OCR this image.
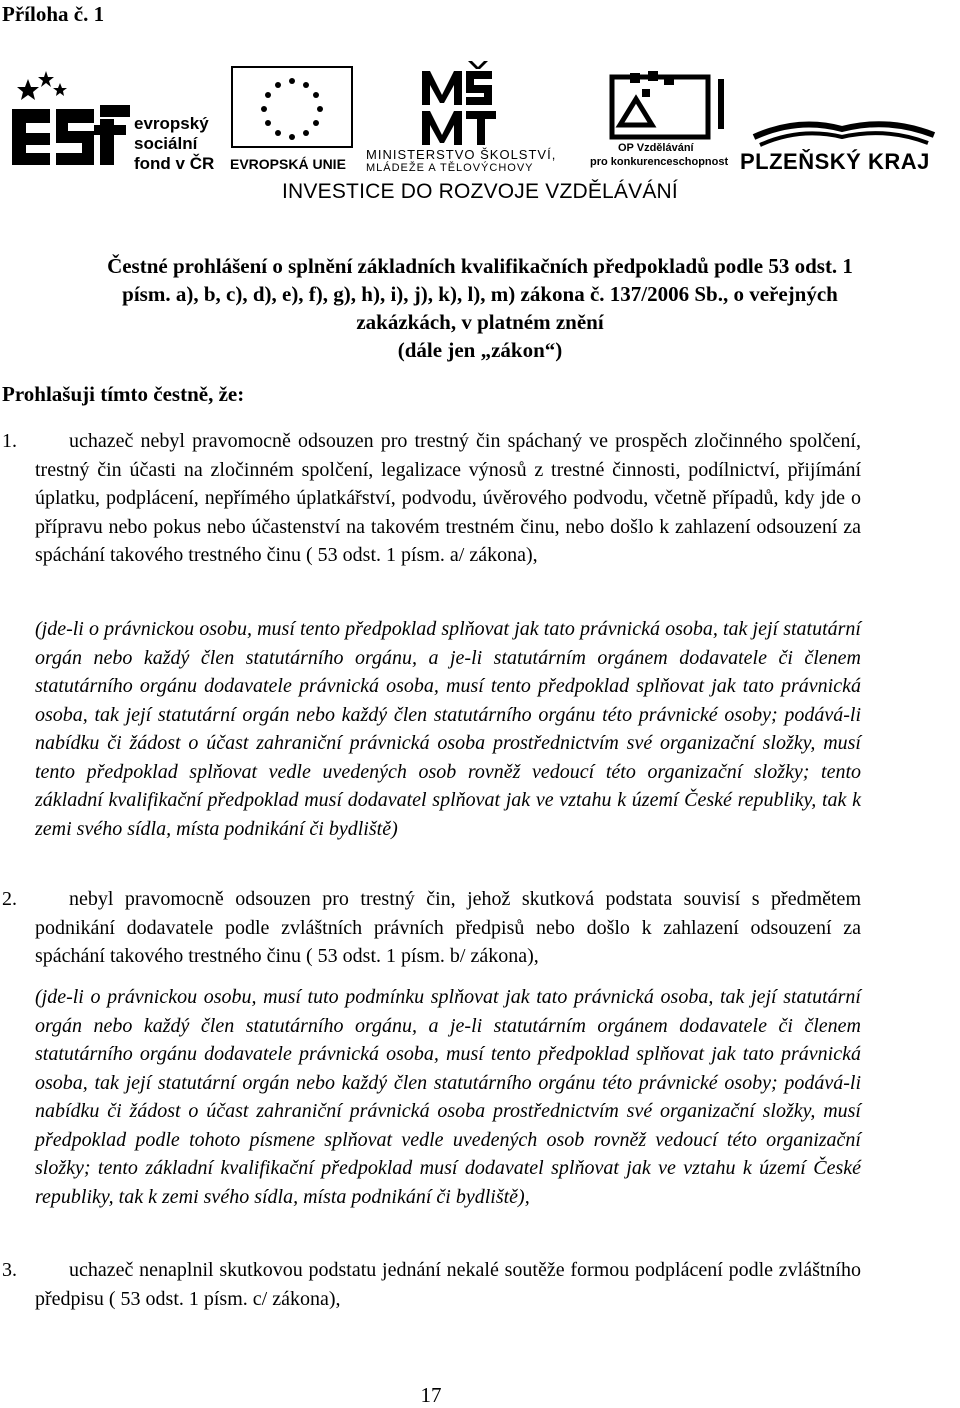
Příloha č. 1
evropský
sociální
fond v ČR EVROPSKÁ UNIE
MINISTERSTVO ŠKOLSTVÍ,
MLÁDEŽE A TĚLOVÝCHOVY
OP Vzdělávání
pro konkurenceschopnost PLZEŇSKÝ KRAJ
INVESTICE DO ROZVOJE VZDĚLÁVÁNÍ
Čestné prohlášení o splnění základních kvalifikačních předpokladů podle 53 odst. 1
písm. a), b, c), d), e), f), g), h), i), j), k), l), m) zákona č. 137/2006 Sb., o veřejných
zakázkách, v platném znění
(dále jen „zákon“)
Prohlašuji tímto čestně, že:
1.	uchazeč nebyl pravomocně odsouzen pro trestný čin spáchaný ve prospěch zločinného spolčení, trestný čin účasti na zločinném spolčení, legalizace výnosů z trestné činnosti, podílnictví, přijímání úplatku, podplácení, nepřímého úplatkářství, podvodu, úvěrového podvodu, včetně případů, kdy jde o přípravu nebo pokus nebo účastenství na takovém trestném činu, nebo došlo k zahlazení odsouzení za spáchání takového trestného činu ( 53 odst. 1 písm. a/ zákona),
(jde-li o právnickou osobu, musí tento předpoklad splňovat jak tato právnická osoba, tak její statutární orgán nebo každý člen statutárního orgánu, a je-li statutárním orgánem dodavatele či členem statutárního orgánu dodavatele právnická osoba, musí tento předpoklad splňovat jak tato právnická osoba, tak její statutární orgán nebo každý člen statutárního orgánu této právnické osoby; podává-li nabídku či žádost o účast zahraniční právnická osoba prostřednictvím své organizační složky, musí tento předpoklad splňovat vedle uvedených osob rovněž vedoucí této organizační složky; tento základní kvalifikační předpoklad musí dodavatel splňovat jak ve vztahu k území České republiky, tak k zemi svého sídla, místa podnikání či bydliště)
2.	nebyl pravomocně odsouzen pro trestný čin, jehož skutková podstata souvisí s předmětem podnikání dodavatele podle zvláštních právních předpisů nebo došlo k zahlazení odsouzení za spáchání takového trestného činu ( 53 odst. 1 písm. b/ zákona),
(jde-li o právnickou osobu, musí tuto podmínku splňovat jak tato právnická osoba, tak její statutární orgán nebo každý člen statutárního orgánu, a je-li statutárním orgánem dodavatele či členem statutárního orgánu dodavatele právnická osoba, musí tento předpoklad splňovat jak tato právnická osoba, tak její statutární orgán nebo každý člen statutárního orgánu této právnické osoby; podává-li nabídku či žádost o účast zahraniční právnická osoba prostřednictvím své organizační složky, musí předpoklad podle tohoto písmene splňovat vedle uvedených osob rovněž vedoucí této organizační složky; tento základní kvalifikační předpoklad musí dodavatel splňovat jak ve vztahu k území České republiky, tak k zemi svého sídla, místa podnikání či bydliště),
3.	uchazeč nenaplnil skutkovou podstatu jednání nekalé soutěže formou podplácení podle zvláštního předpisu ( 53 odst. 1 písm. c/ zákona),
17
